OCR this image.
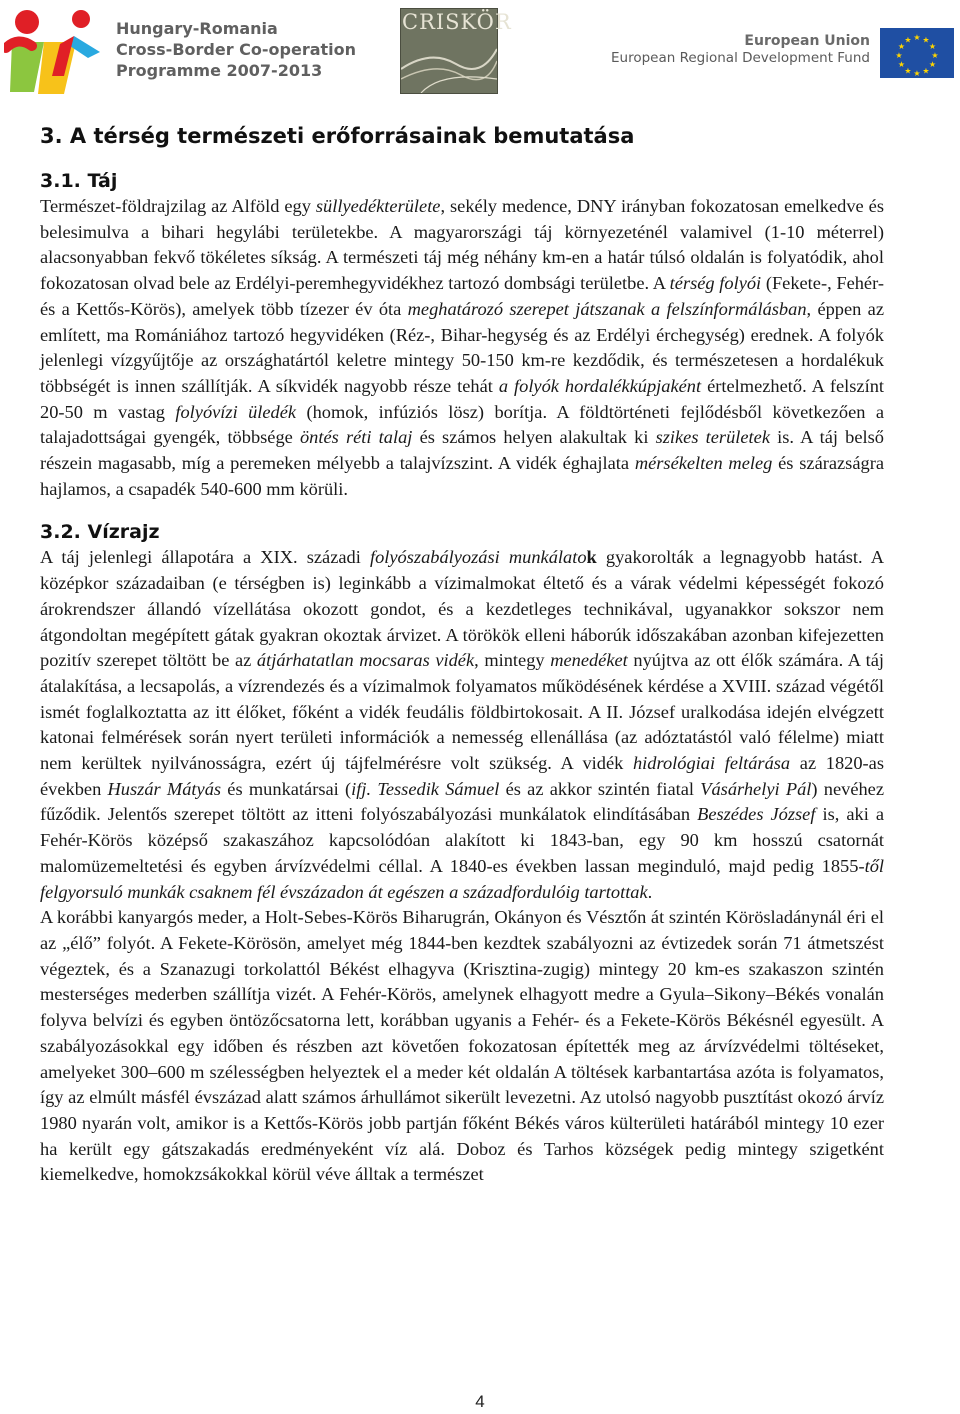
Hungary-Romania
Cross-Border Co-operation
Programme 2007-2013
CRISKÖR
European Union
European Regional Development Fund
★ ★
★
★
★
★
★
★
★
★
★
★
3. A térség természeti erőforrásainak bemutatása
3.1. Táj

Természet-földrajzilag az Alföld egy süllyedékterülete, sekély medence, DNY irányban fokozatosan emelkedve és belesimulva a bihari hegylábi területekbe. A magyarországi táj környezeténél valamivel (1-10 méterrel) alacsonyabban fekvő tökéletes síkság. A természeti táj még néhány km-en a határ túlsó oldalán is folyatódik, ahol fokozatosan olvad bele az Erdélyi-peremhegyvidékhez tartozó dombsági területbe. A térség folyói (Fekete-, Fehér-és a Kettős-Körös), amelyek több tízezer év óta meghatározó szerepet játszanak a felszínformálásban, éppen az említett, ma Romániához tartozó hegyvidéken (Réz-, Bihar-hegység és az Erdélyi érchegység) erednek. A folyók jelenlegi vízgyűjtője az országhatártól keletre mintegy 50-150 km-re kezdődik, és természetesen a hordalékuk többségét is innen szállítják. A síkvidék nagyobb része tehát a folyók hordalékkúpjaként értelmezhető. A felszínt 20-50 m vastag folyóvízi üledék (homok, infúziós lösz) borítja. A földtörténeti fejlődésből következően a talajadottságai gyengék, többsége öntés réti talaj és számos helyen alakultak ki szikes területek is. A táj belső részein magasabb, míg a peremeken mélyebb a talajvízszint. A vidék éghajlata mérsékelten meleg és szárazságra hajlamos, a csapadék 540-600 mm körüli.

3.2. Vízrajz

A táj jelenlegi állapotára a XIX. századi folyószabályozási munkálatok gyakorolták a legnagyobb hatást. A középkor századaiban (e térségben is) leginkább a vízimalmokat éltető és a várak védelmi képességét fokozó árokrendszer állandó vízellátása okozott gondot, és a kezdetleges technikával, ugyanakkor sokszor nem átgondoltan megépített gátak gyakran okoztak árvizet. A törökök elleni háborúk időszakában azonban kifejezetten pozitív szerepet töltött be az átjárhatatlan mocsaras vidék, mintegy menedéket nyújtva az ott élők számára. A táj átalakítása, a lecsapolás, a vízrendezés és a vízimalmok folyamatos működésének kérdése a XVIII. század végétől ismét foglalkoztatta az itt élőket, főként a vidék feudális földbirtokosait. A II. József uralkodása idején elvégzett katonai felmérések során nyert területi információk a nemesség ellenállása (az adóztatástól való félelme) miatt nem kerültek nyilvánosságra, ezért új tájfelmérésre volt szükség. A vidék hidrológiai feltárása az 1820-as években Huszár Mátyás és munkatársai (ifj. Tessedik Sámuel és az akkor szintén fiatal Vásárhelyi Pál) nevéhez fűződik. Jelentős szerepet töltött az itteni folyószabályozási munkálatok elindításában Beszédes József is, aki a Fehér-Körös középső szakaszához kapcsolódóan alakított ki 1843-ban, egy 90 km hosszú csatornát malomüzemeltetési és egyben árvízvédelmi céllal. A 1840-es években lassan meginduló, majd pedig 1855-től felgyorsuló munkák csaknem fél évszázadon át egészen a századfordulóig tartottak.

A korábbi kanyargós meder, a Holt-Sebes-Körös Biharugrán, Okányon és Vésztőn át szintén Körösladánynál éri el az „élő” folyót. A Fekete-Körösön, amelyet még 1844-ben kezdtek szabályozni az évtizedek során 71 átmetszést végeztek, és a Szanazugi torkolattól Békést elhagyva (Krisztina-zugig) mintegy 20 km-es szakaszon szintén mesterséges mederben szállítja vizét. A Fehér-Körös, amelynek elhagyott medre a Gyula–Sikony–Békés vonalán folyva belvízi és egyben öntözőcsatorna lett, korábban ugyanis a Fehér- és a Fekete-Körös Békésnél egyesült. A szabályozásokkal egy időben és részben azt követően fokozatosan építették meg az árvízvédelmi töltéseket, amelyeket 300–600 m szélességben helyeztek el a meder két oldalán A töltések karbantartása azóta is folyamatos, így az elmúlt másfél évszázad alatt számos árhullámot sikerült levezetni. Az utolsó nagyobb pusztítást okozó árvíz 1980 nyarán volt, amikor is a Kettős-Körös jobb partján főként Békés város külterületi határából mintegy 10 ezer ha került egy gátszakadás eredményeként víz alá. Doboz és Tarhos községek pedig mintegy szigetként kiemelkedve, homokzsákokkal körül véve álltak a természet

4
